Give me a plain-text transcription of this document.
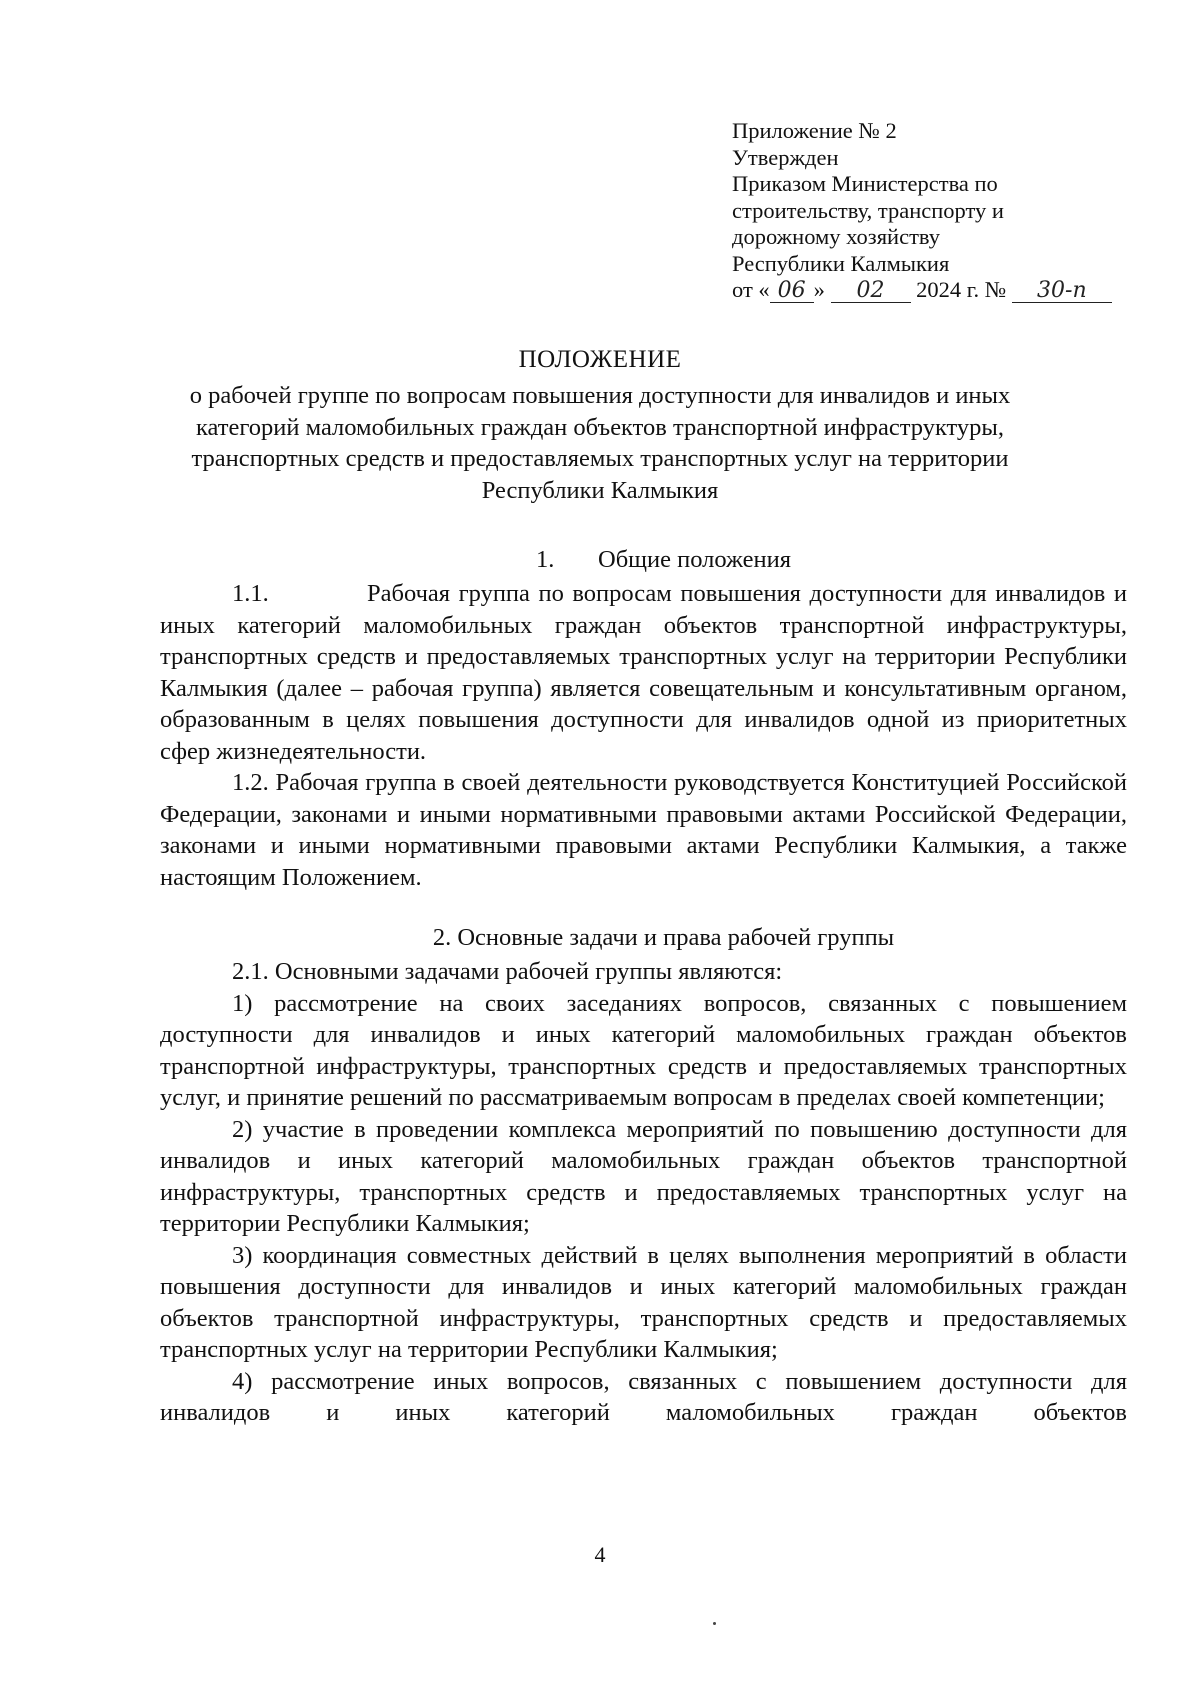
Приложение № 2
Утвержден
Приказом Министерства по
строительству, транспорту и
дорожному хозяйству
Республики Калмыкия
от « 06 » 02 2024 г. № 30-п
ПОЛОЖЕНИЕ
о рабочей группе по вопросам повышения доступности для инвалидов и иных категорий маломобильных граждан объектов транспортной инфраструктуры, транспортных средств и предоставляемых транспортных услуг на территории Республики Калмыкия
1. Общие положения

1.1.	Рабочая группа по вопросам повышения доступности для инвалидов и иных категорий маломобильных граждан объектов транспортной инфраструктуры, транспортных средств и предоставляемых транспортных услуг на территории Республики Калмыкия (далее – рабочая группа) является совещательным и консультативным органом, образованным в целях повышения доступности для инвалидов одной из приоритетных сфер жизнедеятельности.

1.2. Рабочая группа в своей деятельности руководствуется Конституцией Российской Федерации, законами и иными нормативными правовыми актами Российской Федерации, законами и иными нормативными правовыми актами Республики Калмыкия, а также настоящим Положением.

2. Основные задачи и права рабочей группы

2.1. Основными задачами рабочей группы являются:

1) рассмотрение на своих заседаниях вопросов, связанных с повышением доступности для инвалидов и иных категорий маломобильных граждан объектов транспортной инфраструктуры, транспортных средств и предоставляемых транспортных услуг, и принятие решений по рассматриваемым вопросам в пределах своей компетенции;

2) участие в проведении комплекса мероприятий по повышению доступности для инвалидов и иных категорий маломобильных граждан объектов транспортной инфраструктуры, транспортных средств и предоставляемых транспортных услуг на территории Республики Калмыкия;

3) координация совместных действий в целях выполнения мероприятий в области повышения доступности для инвалидов и иных категорий маломобильных граждан объектов транспортной инфраструктуры, транспортных средств и предоставляемых транспортных услуг на территории Республики Калмыкия;

4) рассмотрение иных вопросов, связанных с повышением доступности для инвалидов и иных категорий маломобильных граждан объектов

4
